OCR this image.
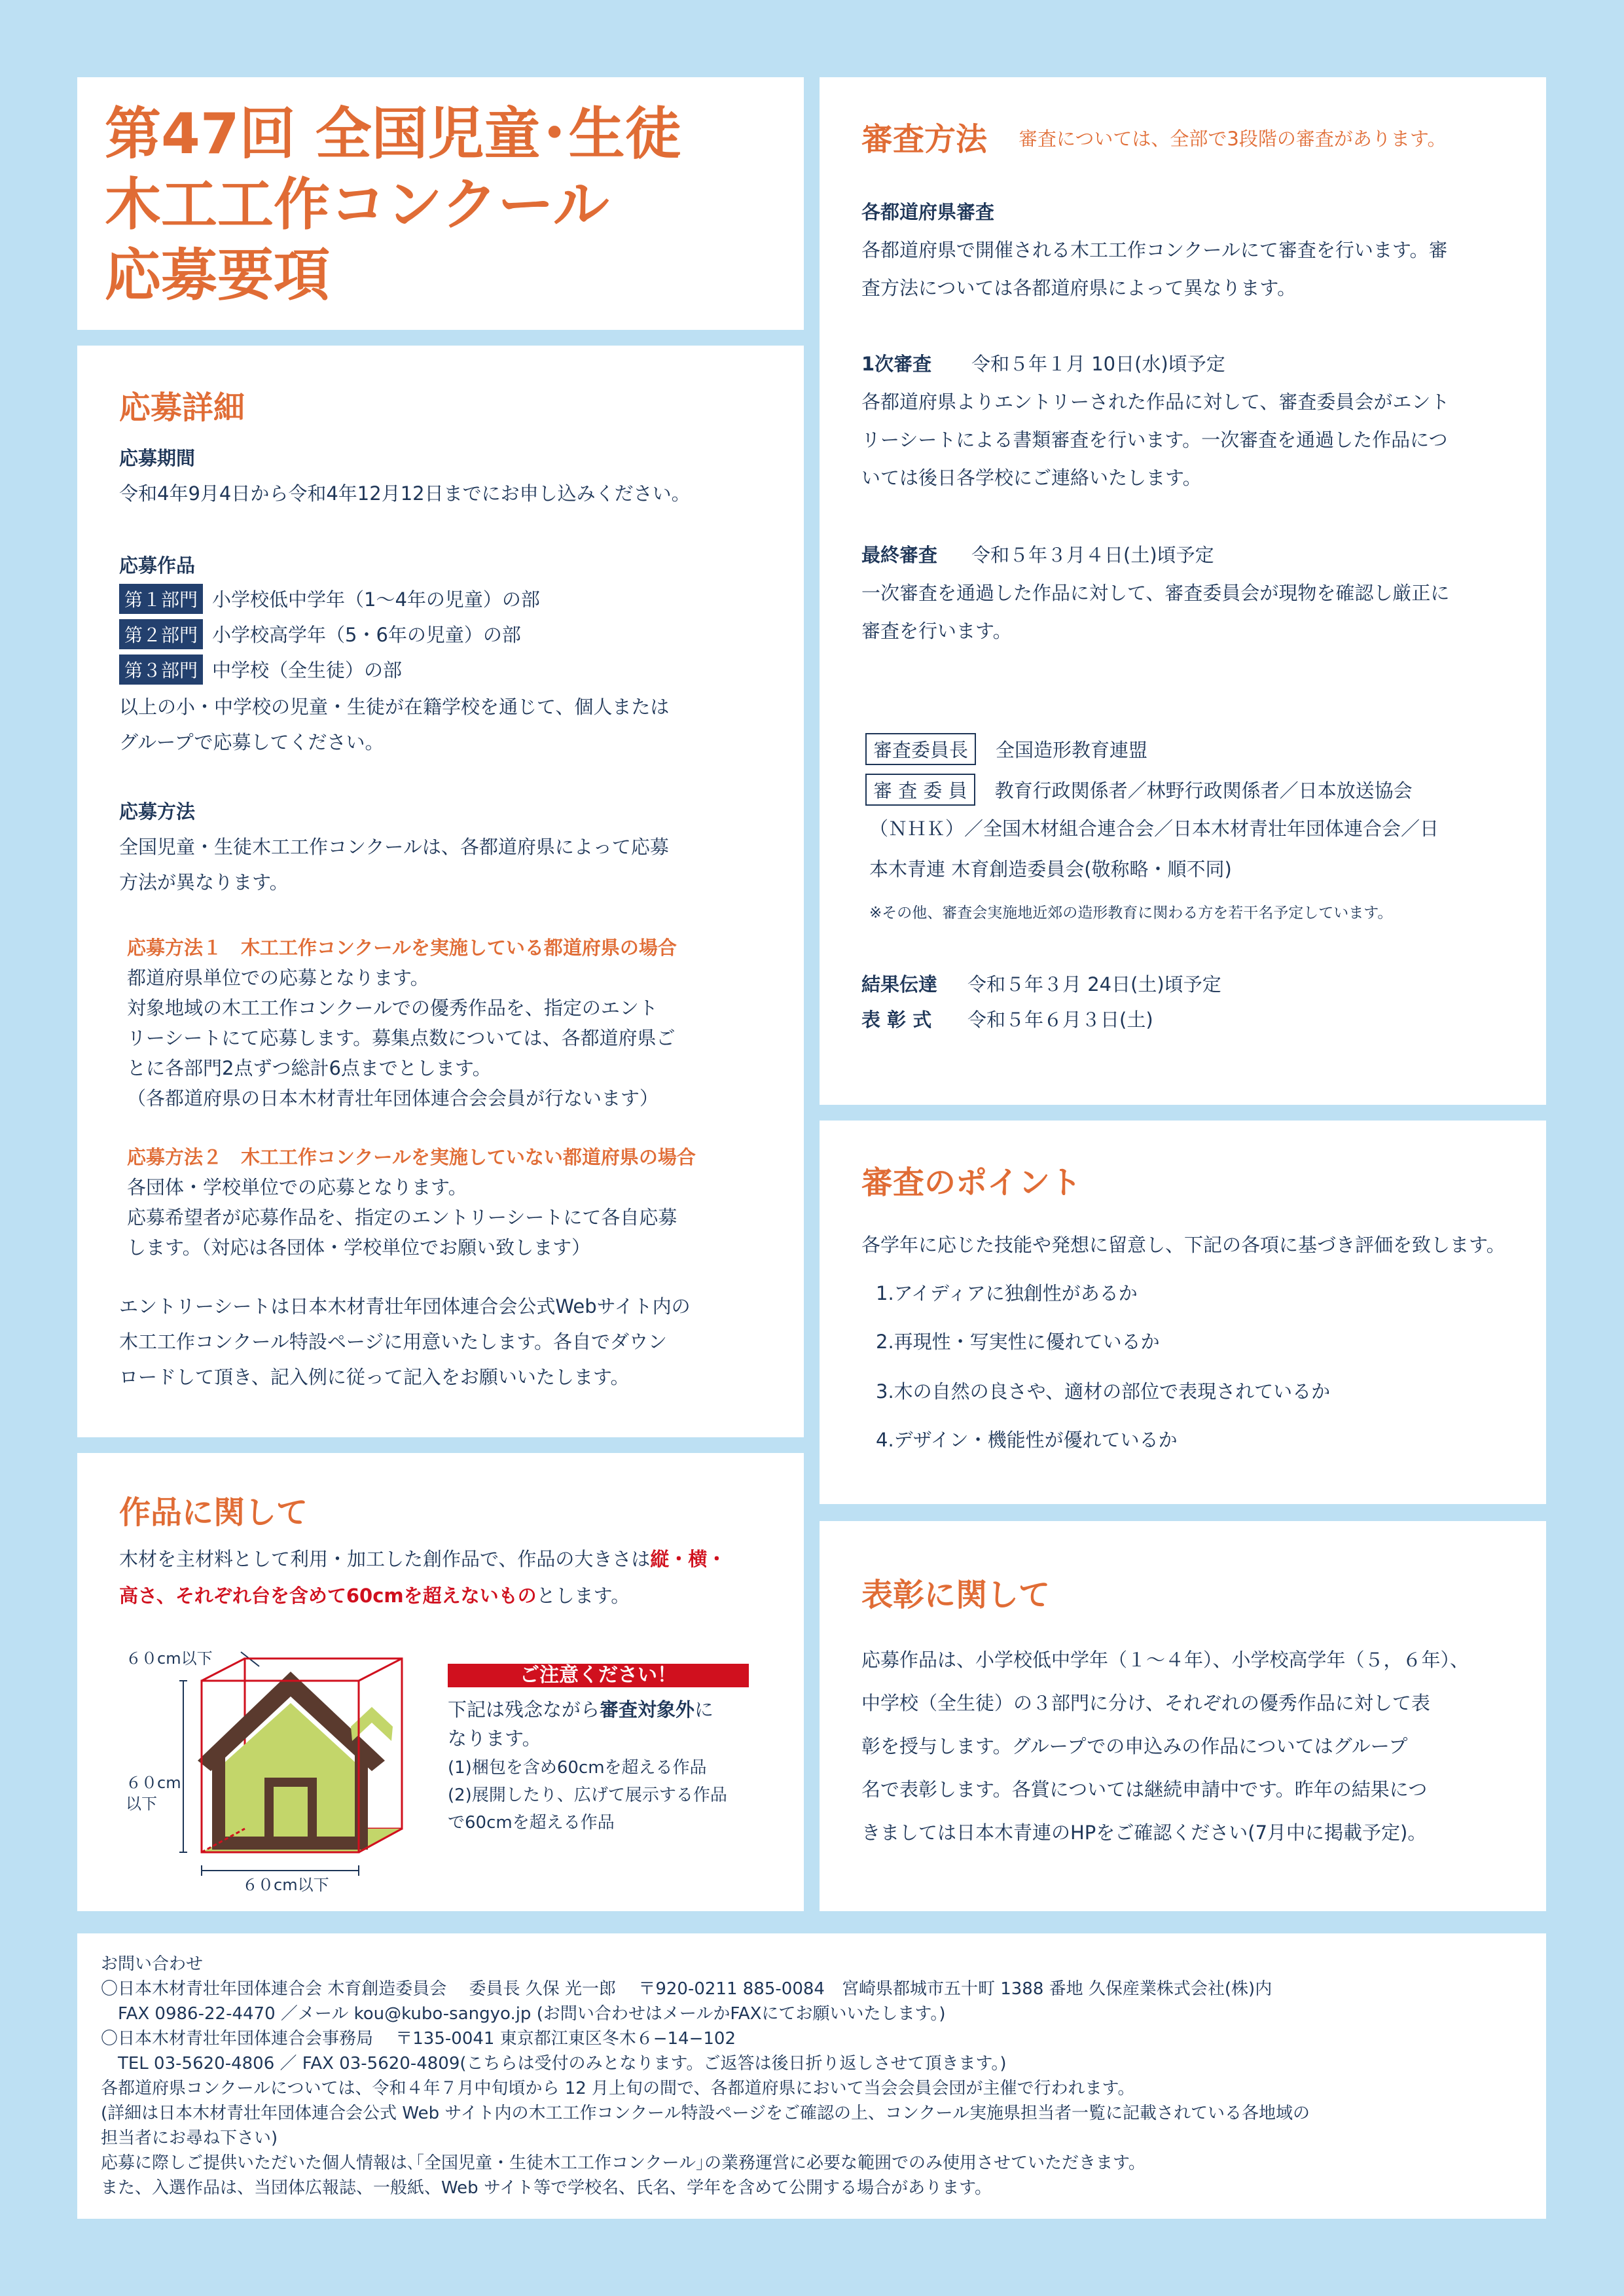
第47回 全国児童･生徒
木工工作コンクール
応募要項
応募詳細
応募期間
令和4年9月4日から令和4年12月12日までにお申し込みください。
応募作品
第１部門 小学校低中学年（1〜4年の児童）の部
第２部門 小学校高学年（5・6年の児童）の部
第３部門 中学校（全生徒）の部
以上の小・中学校の児童・生徒が在籍学校を通じて、個人または
グループで応募してください。
応募方法
全国児童・生徒木工工作コンクールは、各都道府県によって応募
方法が異なります。
応募方法１　木工工作コンクールを実施している都道府県の場合
都道府県単位での応募となります。
対象地域の木工工作コンクールでの優秀作品を、指定のエント
リーシートにて応募します。募集点数については、各都道府県ご
とに各部門2点ずつ総計6点までとします。
（各都道府県の日本木材青壮年団体連合会会員が行ないます）
応募方法２　木工工作コンクールを実施していない都道府県の場合
各団体・学校単位での応募となります。
応募希望者が応募作品を、指定のエントリーシートにて各自応募
します。（対応は各団体・学校単位でお願い致します）
エントリーシートは日本木材青壮年団体連合会公式Webサイト内の
木工工作コンクール特設ページに用意いたします。各自でダウン
ロードして頂き、記入例に従って記入をお願いいたします。
作品に関して
木材を主材料として利用・加工した創作品で、作品の大きさは縦・横・
高さ、それぞれ台を含めて60cmを超えないものとします。
６０cm以下
６０cm
以下
６０cm以下
ご注意ください！
下記は残念ながら審査対象外に
なります。
(1)梱包を含め60cmを超える作品
(2)展開したり、広げて展示する作品
で60cmを超える作品
審査方法 審査については、全部で3段階の審査があります。
各都道府県審査
各都道府県で開催される木工工作コンクールにて審査を行います。審
査方法については各都道府県によって異なります。
1次審査 令和５年１月 10日(水)頃予定
各都道府県よりエントリーされた作品に対して、審査委員会がエント
リーシートによる書類審査を行います。一次審査を通過した作品につ
いては後日各学校にご連絡いたします。
最終審査 令和５年３月４日(土)頃予定
一次審査を通過した作品に対して、審査委員会が現物を確認し厳正に
審査を行います。
審査委員長 全国造形教育連盟
審 査 委 員 教育行政関係者／林野行政関係者／日本放送協会
（ＮＨＫ）／全国木材組合連合会／日本木材青壮年団体連合会／日
本木青連 木育創造委員会(敬称略・順不同)
※その他、審査会実施地近郊の造形教育に関わる方を若干名予定しています。
結果伝達 令和５年３月 24日(土)頃予定
表 彰 式 令和５年６月３日(土)
審査のポイント
各学年に応じた技能や発想に留意し、下記の各項に基づき評価を致します。
1.アイディアに独創性があるか
2.再現性・写実性に優れているか
3.木の自然の良さや、適材の部位で表現されているか
4.デザイン・機能性が優れているか
表彰に関して
応募作品は、小学校低中学年（１〜４年）、小学校高学年（５，６年）、
中学校（全生徒）の３部門に分け、それぞれの優秀作品に対して表
彰を授与します。グループでの申込みの作品についてはグループ
名で表彰します。各賞については継続申請中です。昨年の結果につ
きましては日本木青連のHPをご確認ください(7月中に掲載予定)。
お問い合わせ
〇日本木材青壮年団体連合会 木育創造委員会　 委員長 久保 光一郎　 〒920-0211 885-0084　宮崎県都城市五十町 1388 番地 久保産業株式会社(株)内
　FAX 0986-22-4470 ／メール kou@kubo-sangyo.jp (お問い合わせはメールかFAXにてお願いいたします。)
〇日本木材青壮年団体連合会事務局　 〒135-0041 東京都江東区冬木６−14−102
　TEL 03-5620-4806 ／ FAX 03-5620-4809(こちらは受付のみとなります。ご返答は後日折り返しさせて頂きます。)
各都道府県コンクールについては、令和４年７月中旬頃から 12 月上旬の間で、各都道府県において当会会員会団が主催で行われます。
(詳細は日本木材青壮年団体連合会公式 Web サイト内の木工工作コンクール特設ページをご確認の上、コンクール実施県担当者一覧に記載されている各地域の
担当者にお尋ね下さい)
応募に際しご提供いただいた個人情報は､｢全国児童・生徒木工工作コンクール｣の業務運営に必要な範囲でのみ使用させていただきます。
また、入選作品は、当団体広報誌、一般紙、Web サイト等で学校名、氏名、学年を含めて公開する場合があります。
